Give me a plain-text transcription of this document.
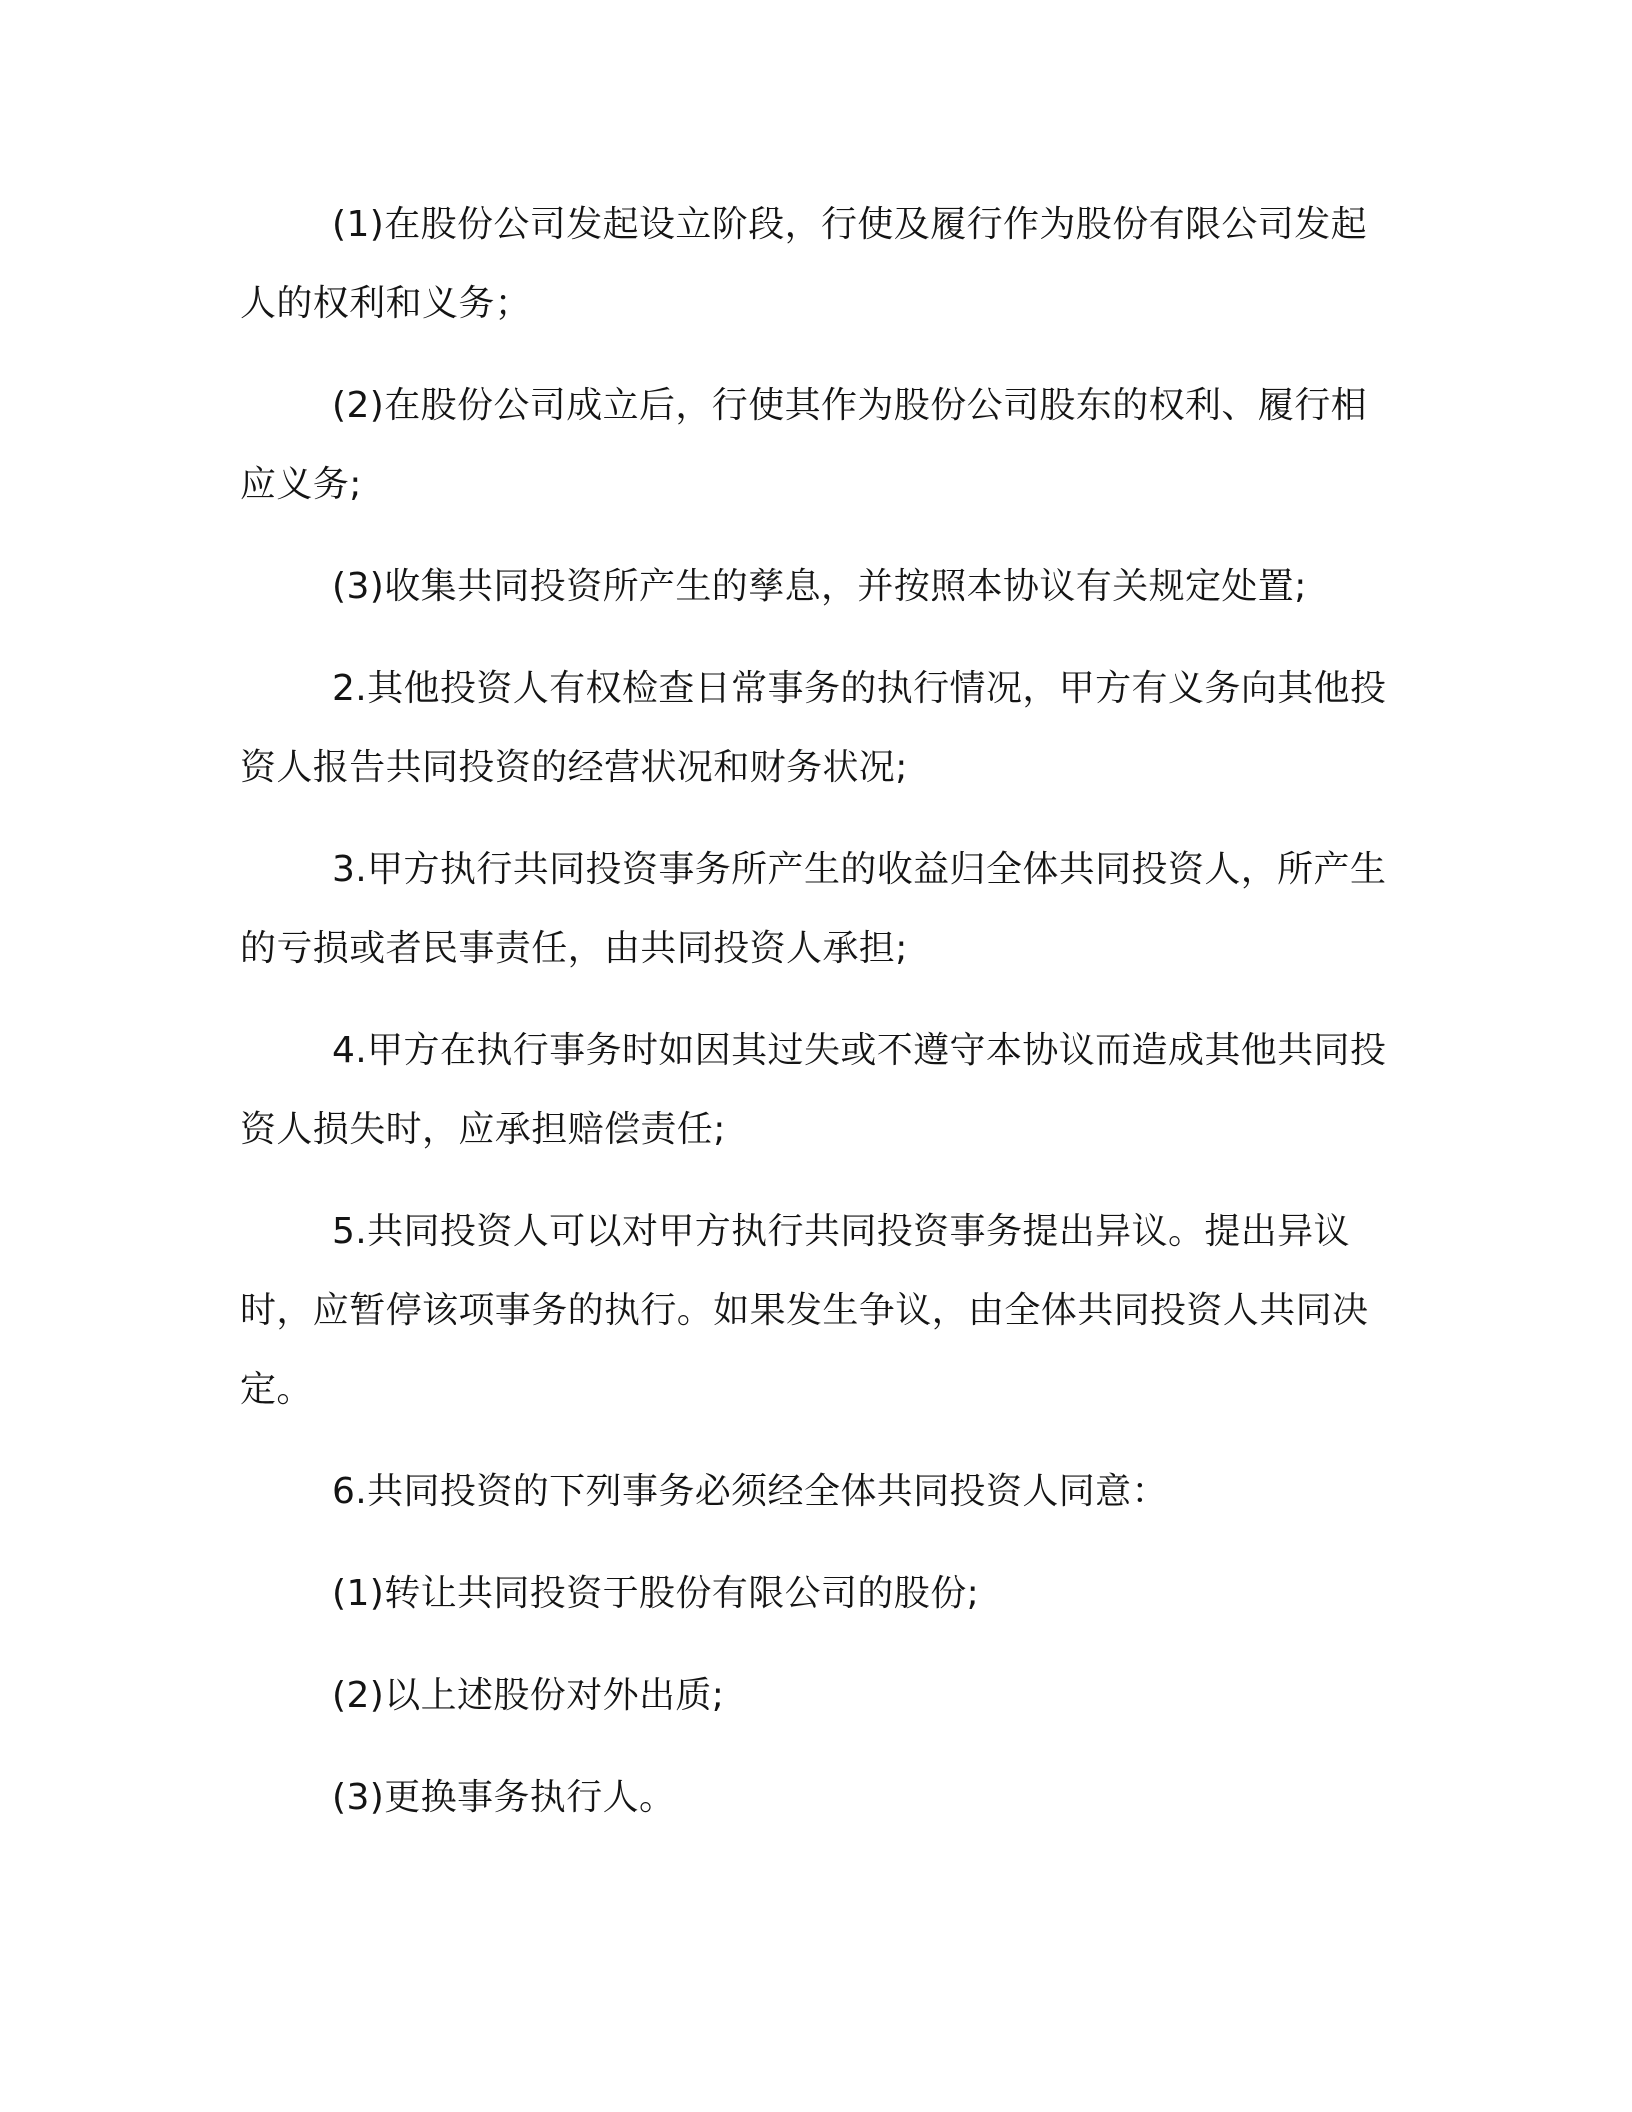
(1)在股份公司发起设立阶段，行使及履行作为股份有限公司发起人的权利和义务；

(2)在股份公司成立后，行使其作为股份公司股东的权利、履行相应义务;

(3)收集共同投资所产生的孳息，并按照本协议有关规定处置;

2.其他投资人有权检查日常事务的执行情况，甲方有义务向其他投资人报告共同投资的经营状况和财务状况;

3.甲方执行共同投资事务所产生的收益归全体共同投资人，所产生的亏损或者民事责任，由共同投资人承担;

4.甲方在执行事务时如因其过失或不遵守本协议而造成其他共同投资人损失时，应承担赔偿责任;

5.共同投资人可以对甲方执行共同投资事务提出异议。提出异议时，应暂停该项事务的执行。如果发生争议，由全体共同投资人共同决定。

6.共同投资的下列事务必须经全体共同投资人同意：

(1)转让共同投资于股份有限公司的股份;

(2)以上述股份对外出质;

(3)更换事务执行人。
